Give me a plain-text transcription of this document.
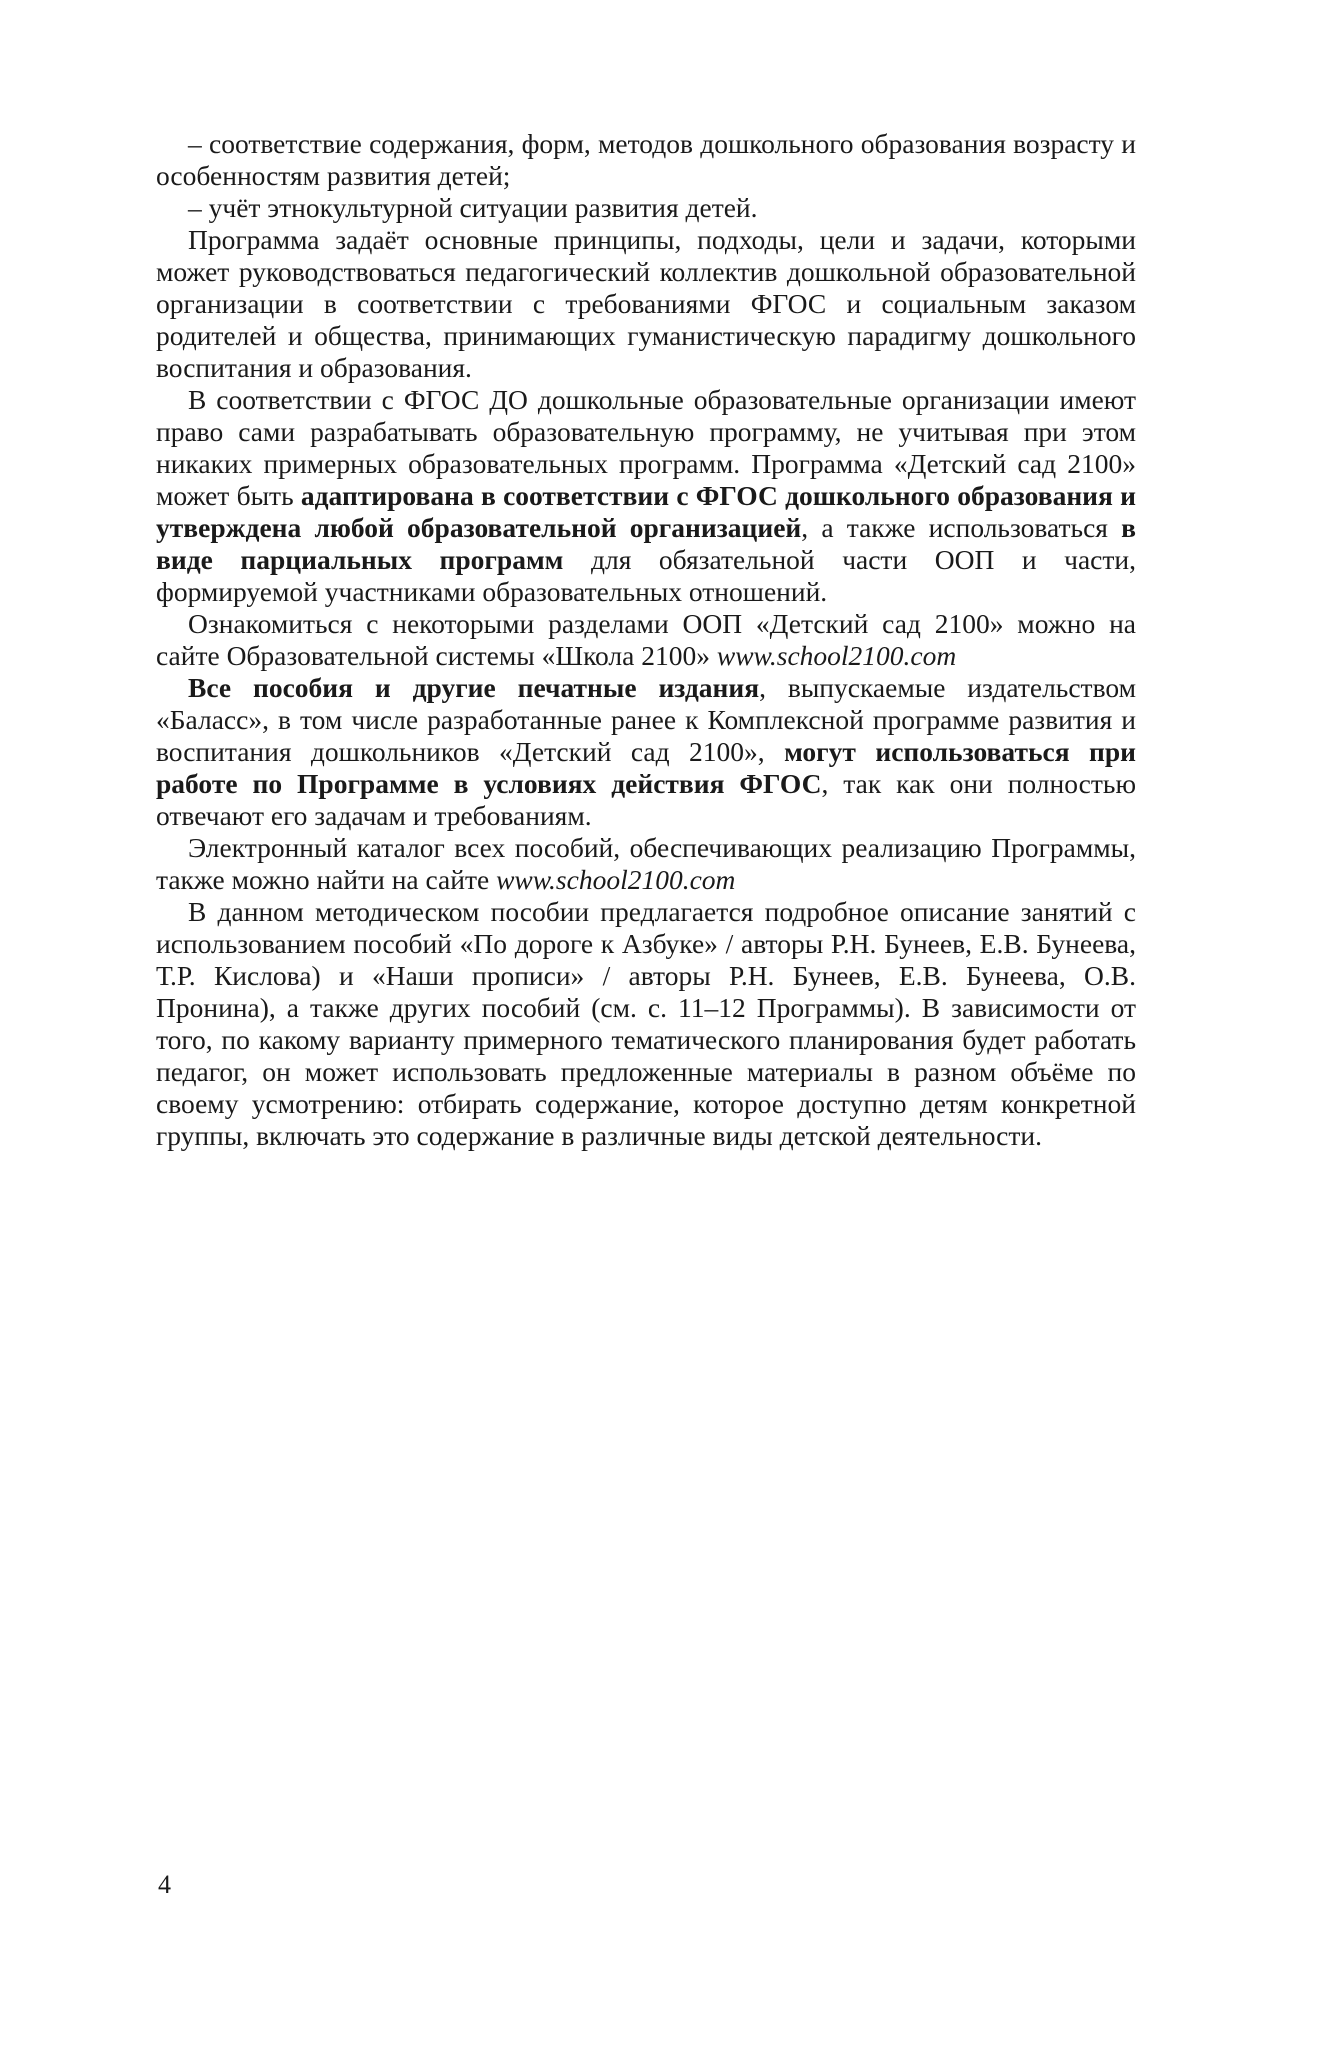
– соответствие содержания, форм, методов дошкольного образования возрасту и особенностям развития детей;

– учёт этнокультурной ситуации развития детей.

Программа задаёт основные принципы, подходы, цели и задачи, которыми может руководствоваться педагогический коллектив дошкольной образовательной организации в соответствии с требованиями ФГОС и социальным заказом родителей и общества, принимающих гуманистическую парадигму дошкольного воспитания и образования.

В соответствии с ФГОС ДО дошкольные образовательные организации имеют право сами разрабатывать образовательную программу, не учитывая при этом никаких примерных образовательных программ. Программа «Детский сад 2100» может быть адаптирована в соответствии с ФГОС дошкольного образования и утверждена любой образовательной организацией, а также использоваться в виде парциальных программ для обязательной части ООП и части, формируемой участниками образовательных отношений.

Ознакомиться с некоторыми разделами ООП «Детский сад 2100» можно на сайте Образовательной системы «Школа 2100» www.school2100.com

Все пособия и другие печатные издания, выпускаемые издательством «Баласс», в том числе разработанные ранее к Комплексной программе развития и воспитания дошкольников «Детский сад 2100», могут использоваться при работе по Программе в условиях действия ФГОС, так как они полностью отвечают его задачам и требованиям.

Электронный каталог всех пособий, обеспечивающих реализацию Программы, также можно найти на сайте www.school2100.com

В данном методическом пособии предлагается подробное описание занятий с использованием пособий «По дороге к Азбуке» / авторы Р.Н. Бунеев, Е.В. Бунеева, Т.Р. Кислова) и «Наши прописи» / авторы Р.Н. Бунеев, Е.В. Бунеева, О.В. Пронина), а также других пособий (см. с. 11–12 Программы). В зависимости от того, по какому варианту примерного тематического планирования будет работать педагог, он может использовать предложенные материалы в разном объёме по своему усмотрению: отбирать содержание, которое доступно детям конкретной группы, включать это содержание в различные виды детской деятельности.

4
